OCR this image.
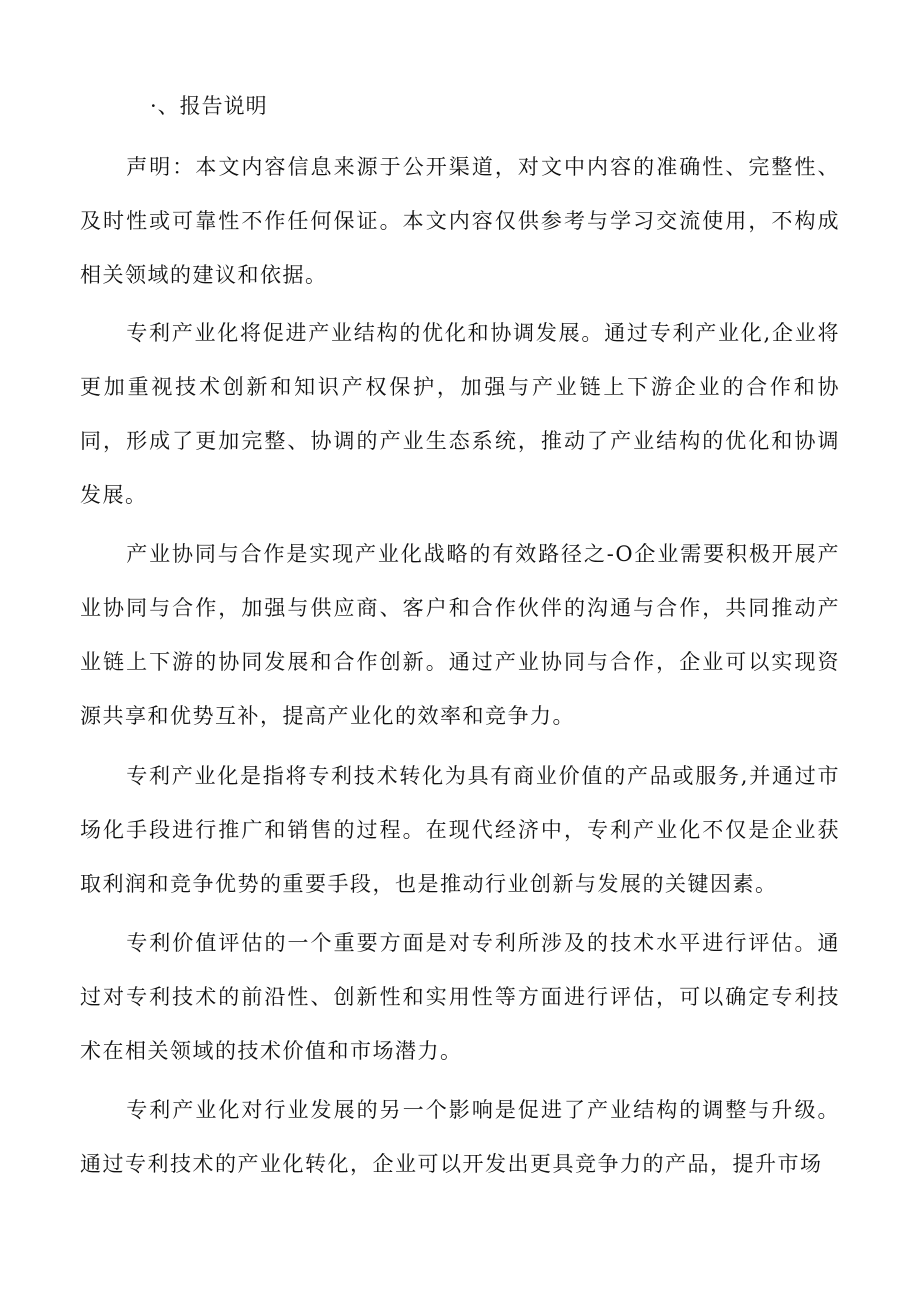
·、报告说明

声明：本文内容信息来源于公开渠道，对文中内容的准确性、完整性、及时性或可靠性不作任何保证。本文内容仅供参考与学习交流使用，不构成相关领域的建议和依据。

专利产业化将促进产业结构的优化和协调发展。通过专利产业化,企业将更加重视技术创新和知识产权保护，加强与产业链上下游企业的合作和协同，形成了更加完整、协调的产业生态系统，推动了产业结构的优化和协调发展。

产业协同与合作是实现产业化战略的有效路径之-O企业需要积极开展产业协同与合作，加强与供应商、客户和合作伙伴的沟通与合作，共同推动产业链上下游的协同发展和合作创新。通过产业协同与合作，企业可以实现资源共享和优势互补，提高产业化的效率和竞争力。

专利产业化是指将专利技术转化为具有商业价值的产品或服务,并通过市场化手段进行推广和销售的过程。在现代经济中，专利产业化不仅是企业获取利润和竞争优势的重要手段，也是推动行业创新与发展的关键因素。

专利价值评估的一个重要方面是对专利所涉及的技术水平进行评估。通过对专利技术的前沿性、创新性和实用性等方面进行评估，可以确定专利技术在相关领域的技术价值和市场潜力。

专利产业化对行业发展的另一个影响是促进了产业结构的调整与升级。通过专利技术的产业化转化，企业可以开发出更具竞争力的产品，提升市场
